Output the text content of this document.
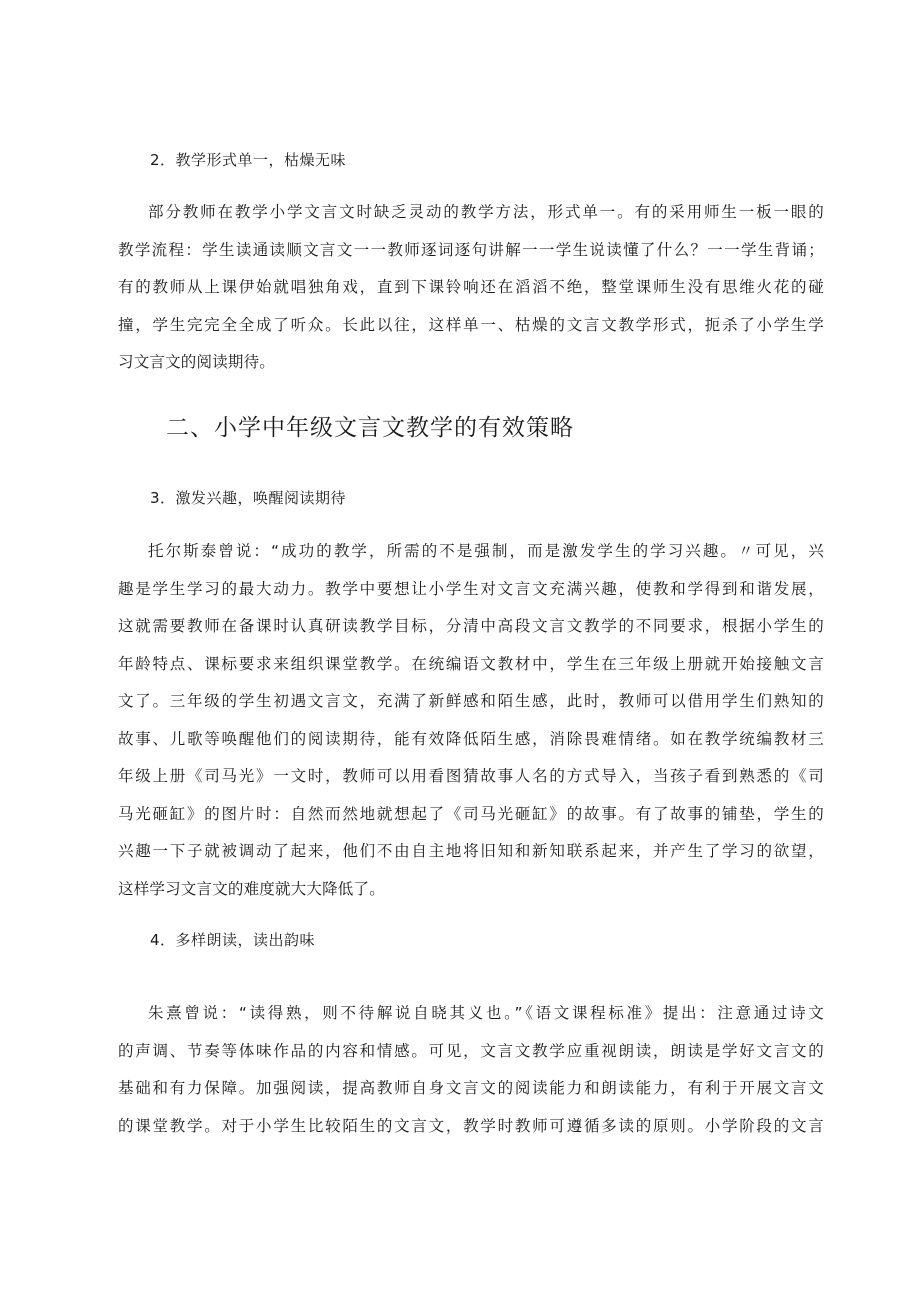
2．教学形式单一，枯燥无味
部分教师在教学小学文言文时缺乏灵动的教学方法，形式单一。有的采用师生一板一眼的
教学流程：学生读通读顺文言文一一教师逐词逐句讲解一一学生说读懂了什么？一一学生背诵；
有的教师从上课伊始就唱独角戏，直到下课铃响还在滔滔不绝，整堂课师生没有思维火花的碰
撞，学生完完全全成了听众。长此以往，这样单一、枯燥的文言文教学形式，扼杀了小学生学
习文言文的阅读期待。
二、小学中年级文言文教学的有效策略
3．激发兴趣，唤醒阅读期待
托尔斯泰曾说：“成功的教学，所需的不是强制，而是激发学生的学习兴趣。〃可见，兴
趣是学生学习的最大动力。教学中要想让小学生对文言文充满兴趣，使教和学得到和谐发展，
这就需要教师在备课时认真研读教学目标，分清中高段文言文教学的不同要求，根据小学生的
年龄特点、课标要求来组织课堂教学。在统编语文教材中，学生在三年级上册就开始接触文言
文了。三年级的学生初遇文言文，充满了新鲜感和陌生感，此时，教师可以借用学生们熟知的
故事、儿歌等唤醒他们的阅读期待，能有效降低陌生感，消除畏难情绪。如在教学统编教材三
年级上册《司马光》一文时，教师可以用看图猜故事人名的方式导入，当孩子看到熟悉的《司
马光砸缸》的图片时：自然而然地就想起了《司马光砸缸》的故事。有了故事的铺垫，学生的
兴趣一下子就被调动了起来，他们不由自主地将旧知和新知联系起来，并产生了学习的欲望，
这样学习文言文的难度就大大降低了。
4．多样朗读，读出韵味
朱熹曾说：“读得熟，则不待解说自晓其义也。”《语文课程标准》提出：注意通过诗文
的声调、节奏等体味作品的内容和情感。可见，文言文教学应重视朗读，朗读是学好文言文的
基础和有力保障。加强阅读，提高教师自身文言文的阅读能力和朗读能力，有利于开展文言文
的课堂教学。对于小学生比较陌生的文言文，教学时教师可遵循多读的原则。小学阶段的文言
